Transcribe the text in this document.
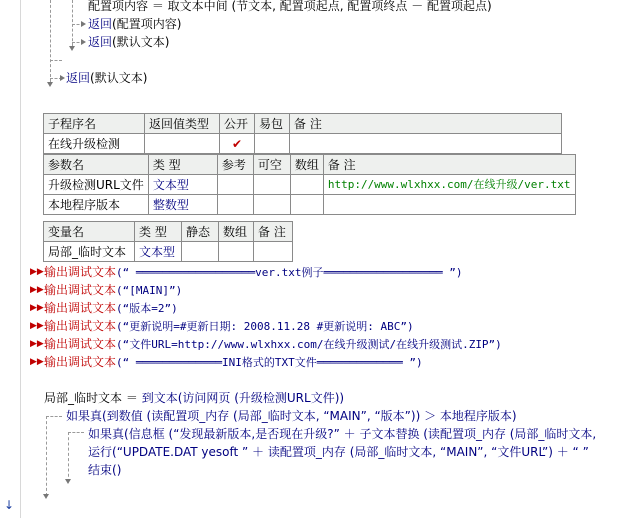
配置项内容 ＝ 取文本中间 (节文本, 配置项起点, 配置项终点 － 配置项起点)
返回(配置项内容)
返回(默认文本)
返回(默认文本)
子程序名	返回值类型	公开	易包	备 注
在线升级检测		✔		
参数名	类 型	参考	可空	数组	备 注
升级检测URL文件	文本型				http://www.wlxhxx.com/在线升级/ver.txt
本地程序版本	整数型				
变量名	类 型	静态	数组	备 注
局部_临时文本	文本型			
▶▶ 输出调试文本(“ ══════════════════ver.txt例子══════════════════ ”)
▶▶ 输出调试文本(“[MAIN]”)
▶▶ 输出调试文本(“版本=2”)
▶▶ 输出调试文本(“更新说明=#更新日期: 2008.11.28 #更新说明: ABC”)
▶▶ 输出调试文本(“文件URL=http://www.wlxhxx.com/在线升级测试/在线升级测试.ZIP”)
▶▶ 输出调试文本(“ ═════════════INI格式的TXT文件═════════════ ”)
局部_临时文本 ＝ 到文本(访问网页 (升级检测URL文件))
如果真(到数值 (读配置项_内存 (局部_临时文本, “MAIN”, “版本”)) ＞ 本地程序版本)
如果真(信息框 (“发现最新版本,是否现在升级?” ＋ 子文本替换 (读配置项_内存 (局部_临时文本,
运行(“UPDATE.DAT yesoft ” ＋ 读配置项_内存 (局部_临时文本, “MAIN”, “文件URL”) ＋ “ ”
结束()
↓
